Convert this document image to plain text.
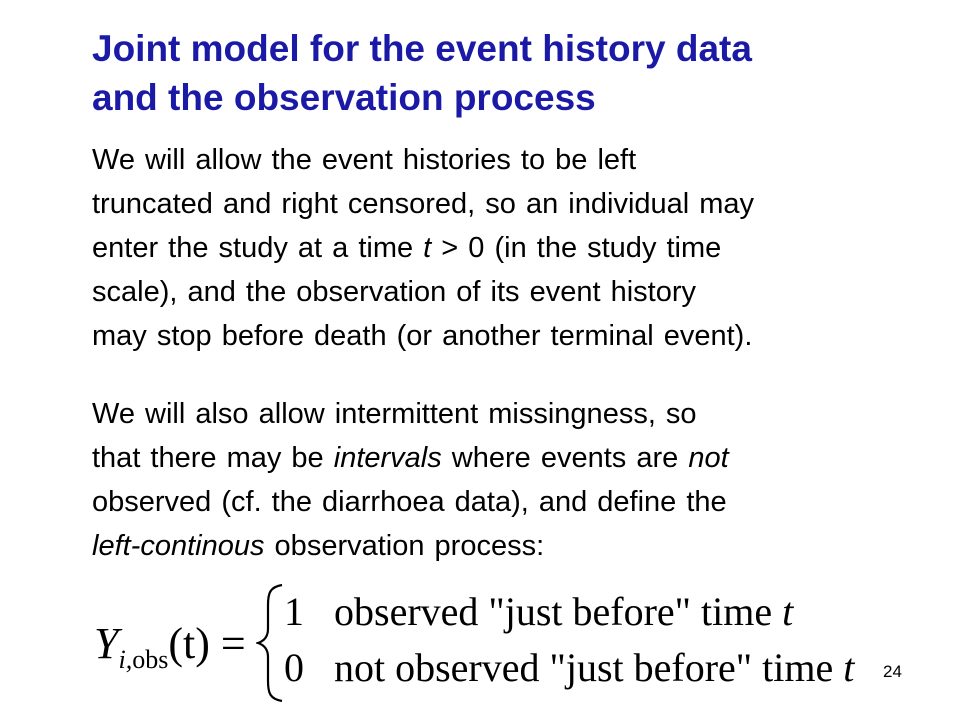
Joint model for the event history data
and the observation process
We will allow the event histories to be left
truncated and right censored, so an individual may
enter the study at a time t > 0 (in the study time
scale), and the observation of its event history
may stop before death (or another terminal event).
We will also allow intermittent missingness, so
that there may be intervals where events are not
observed (cf. the diarrhoea data), and define the
left-continous observation process:
$Y_{i,obs}(t)$ =
1 observed "just before" time t
0 not observed "just before" time t 24
